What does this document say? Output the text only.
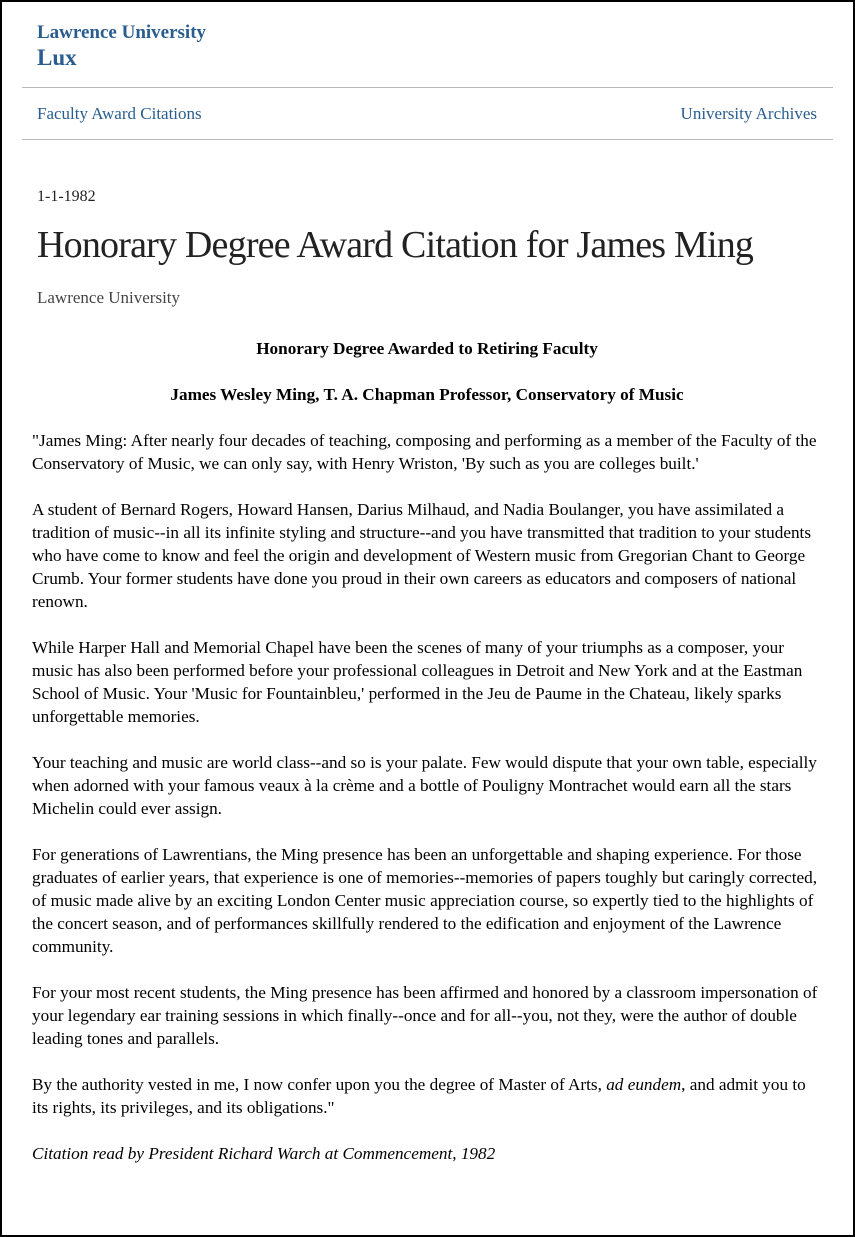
Lawrence University
Lux
Faculty Award Citations	University Archives
1-1-1982
Honorary Degree Award Citation for James Ming
Lawrence University

Honorary Degree Awarded to Retiring Faculty

James Wesley Ming, T. A. Chapman Professor, Conservatory of Music

"James Ming: After nearly four decades of teaching, composing and performing as a member of the Faculty of the Conservatory of Music, we can only say, with Henry Wriston, 'By such as you are colleges built.'

A student of Bernard Rogers, Howard Hansen, Darius Milhaud, and Nadia Boulanger, you have assimilated a tradition of music--in all its infinite styling and structure--and you have transmitted that tradition to your students who have come to know and feel the origin and development of Western music from Gregorian Chant to George Crumb. Your former students have done you proud in their own careers as educators and composers of national renown.

While Harper Hall and Memorial Chapel have been the scenes of many of your triumphs as a composer, your music has also been performed before your professional colleagues in Detroit and New York and at the Eastman School of Music. Your 'Music for Fountainbleu,' performed in the Jeu de Paume in the Chateau, likely sparks unforgettable memories.

Your teaching and music are world class--and so is your palate. Few would dispute that your own table, especially when adorned with your famous veaux à la crème and a bottle of Pouligny Montrachet would earn all the stars Michelin could ever assign.

For generations of Lawrentians, the Ming presence has been an unforgettable and shaping experience. For those graduates of earlier years, that experience is one of memories--memories of papers toughly but caringly corrected, of music made alive by an exciting London Center music appreciation course, so expertly tied to the highlights of the concert season, and of performances skillfully rendered to the edification and enjoyment of the Lawrence community.

For your most recent students, the Ming presence has been affirmed and honored by a classroom impersonation of your legendary ear training sessions in which finally--once and for all--you, not they, were the author of double leading tones and parallels.

By the authority vested in me, I now confer upon you the degree of Master of Arts, ad eundem, and admit you to its rights, its privileges, and its obligations."

Citation read by President Richard Warch at Commencement, 1982
